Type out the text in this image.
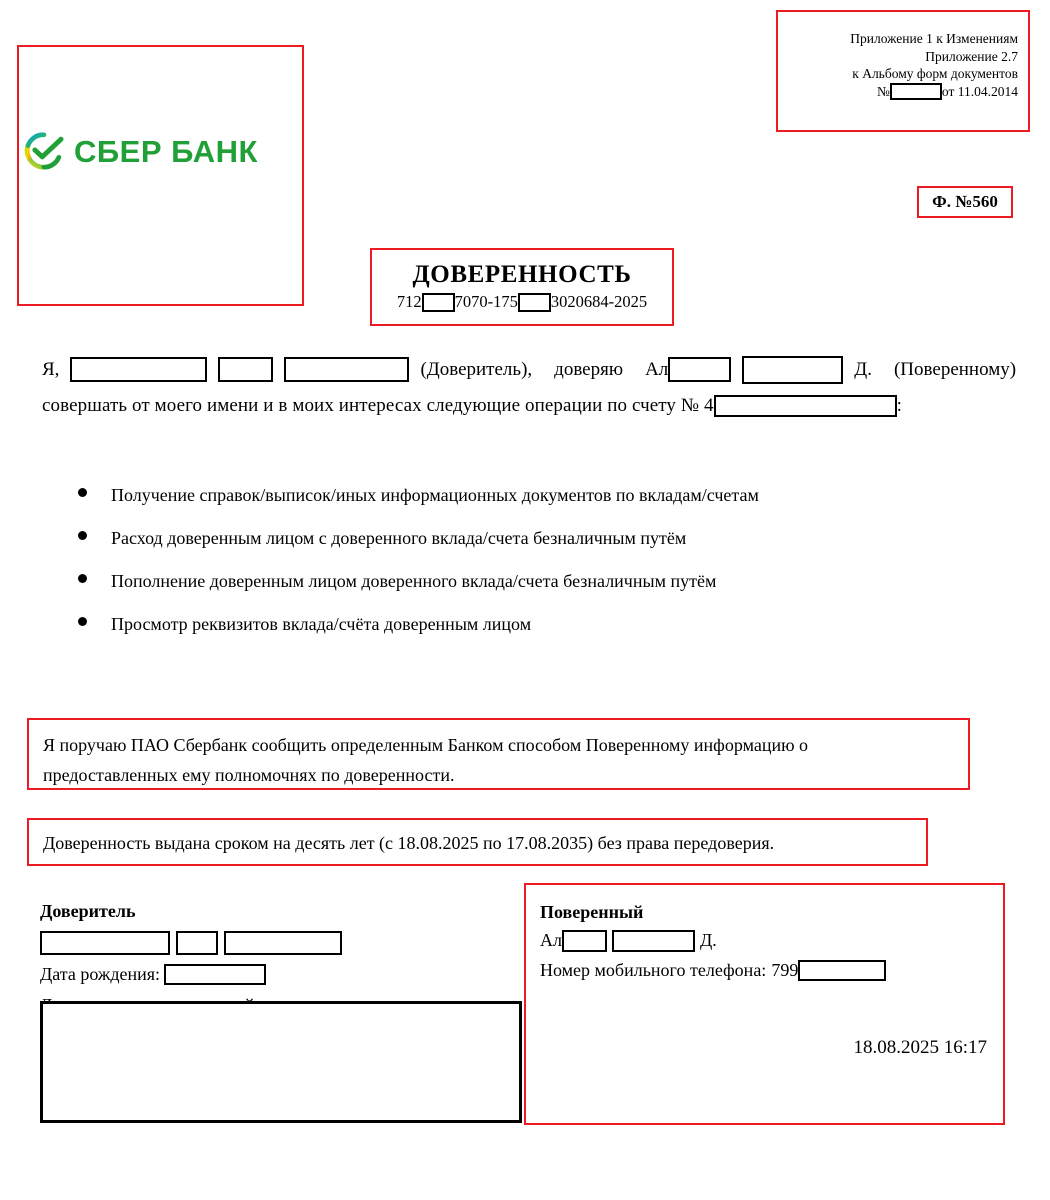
Приложение 1 к Изменениям
Приложение 2.7
к Альбому форм документов
№	от 11.04.2014
Ф. №560
СБЕР БАНК
ДОВЕРЕННОСТЬ
712 7070-175 3020684-2025
Я,	(Доверитель), доверяю Ал	Д. (Поверенному)
совершать от моего имени и в моих интересах следующие операции по счету № 4	:
Получение справок/выписок/иных информационных документов по вкладам/счетам
Расход доверенным лицом с доверенного вклада/счета безналичным путём
Пополнение доверенным лицом доверенного вклада/счета безналичным путём
Просмотр реквизитов вклада/счёта доверенным лицом
Я поручаю ПАО Сбербанк сообщить определенным Банком способом Поверенному информацию о
предоставленных ему полномочнях по доверенности.
Доверенность выдана сроком на десять лет (с 18.08.2025 по 17.08.2035) без права передоверия.
Доверитель
Дата рождения:
Поверенный
Ал	Д.
Номер мобильного телефона: 799
18.08.2025 16:17
